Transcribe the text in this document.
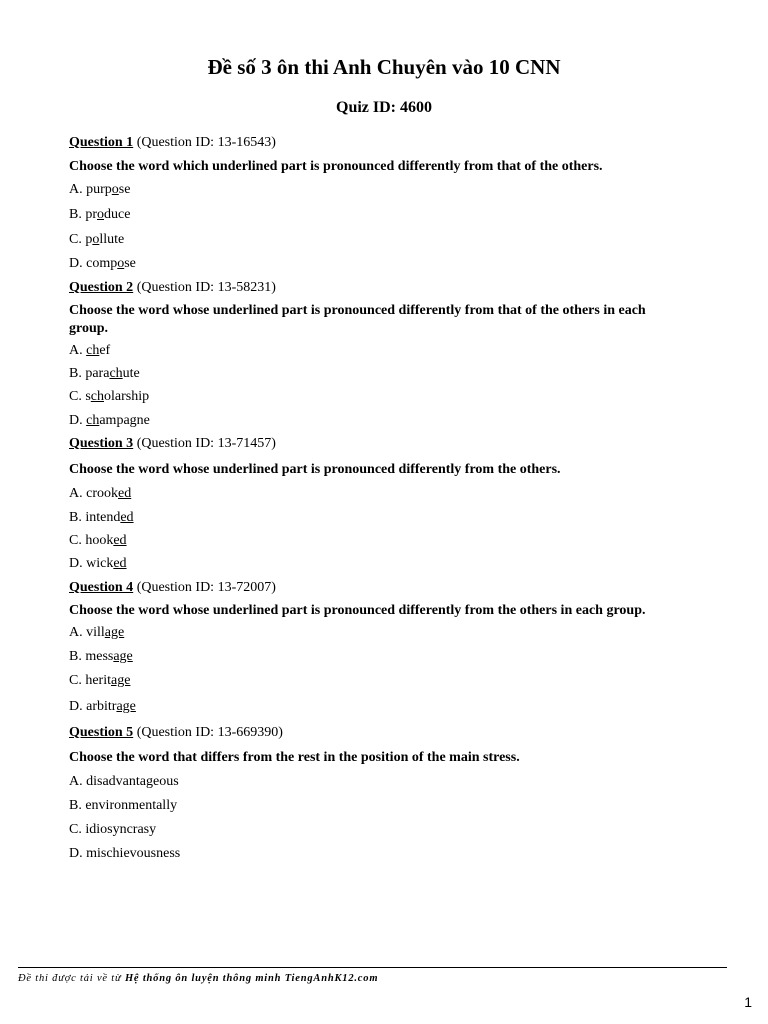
Đề số 3 ôn thi Anh Chuyên vào 10 CNN
Quiz ID: 4600

Question 1 (Question ID: 13-16543)

Choose the word which underlined part is pronounced differently from that of the others.

A. purpose

B. produce

C. pollute

D. compose

Question 2 (Question ID: 13-58231)

Choose the word whose underlined part is pronounced differently from that of the others in each group.

A. chef

B. parachute

C. scholarship

D. champagne

Question 3 (Question ID: 13-71457)

Choose the word whose underlined part is pronounced differently from the others.

A. crooked

B. intended

C. hooked

D. wicked

Question 4 (Question ID: 13-72007)

Choose the word whose underlined part is pronounced differently from the others in each group.

A. village

B. message

C. heritage

D. arbitrage

Question 5 (Question ID: 13-669390)

Choose the word that differs from the rest in the position of the main stress.

A. disadvantageous

B. environmentally

C. idiosyncrasy

D. mischievousness

Đề thi được tải về từ Hệ thống ôn luyện thông minh TiengAnhK12.com
1
